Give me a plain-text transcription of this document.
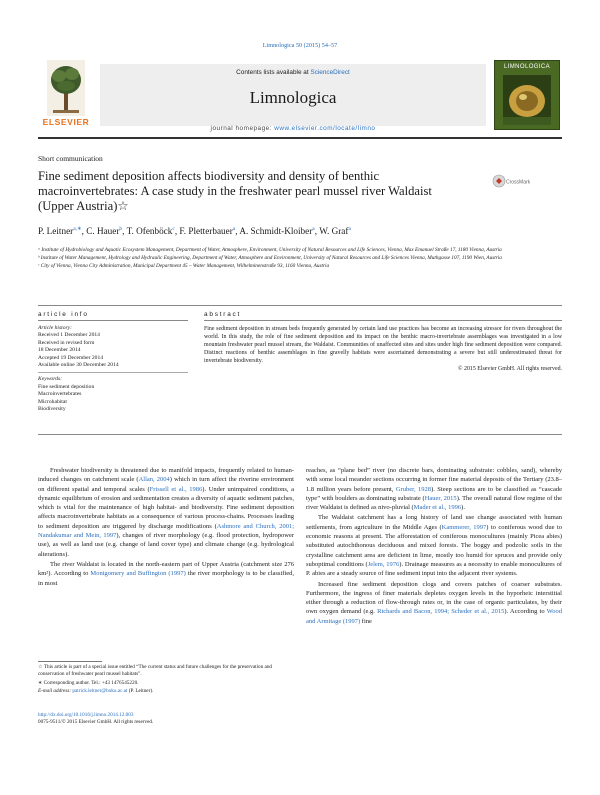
Limnologica 50 (2015) 54–57
ELSEVIER
Contents lists available at ScienceDirect
Limnologica
journal homepage: www.elsevier.com/locate/limno
LIMNOLOGICA
Short communication
Fine sediment deposition affects biodiversity and density of benthic macroinvertebrates: A case study in the freshwater pearl mussel river Waldaist (Upper Austria)☆
CrossMark
P. Leitner$^{a,∗}$, C. Hauer$^b$, T. Ofenböck$^c$, F. Pletterbauer$^a$, A. Schmidt-Kloiber$^a$, W. Graf$^a$
ᵃ Institute of Hydrobiology and Aquatic Ecosystem Management, Department of Water, Atmosphere, Environment, University of Natural Resources and Life Sciences, Vienna, Max Emanuel Straße 17, 1180 Vienna, Austria
ᵇ Institute of Water Management, Hydrology and Hydraulic Engineering, Department of Water, Atmosphere and Environment, University of Natural Resources and Life Sciences Vienna, Muthgasse 107, 1190 Wien, Austria
ᶜ City of Vienna, Vienna City Administration, Municipal Department 45 – Water Management, Wilhelminenstraße 93, 1160 Vienna, Austria
article info	abstract
Article history:
Received 1 December 2014
Received in revised form
18 December 2014
Accepted 19 December 2014
Available online 30 December 2014
Keywords:
Fine sediment deposition
Macroinvertebrates
Microhabitat
Biodiversity
Fine sediment deposition in stream beds frequently generated by certain land use practices has become an increasing stressor for rivers throughout the world. In this study, the role of fine sediment deposition and its impact on the benthic macro-invertebrate assemblages was investigated in a low mountain freshwater pearl mussel stream, the Waldaist. Communities of unaffected sites and sites under high fine sediment deposition were compared. Distinct reactions of benthic assemblages in fine gravelly habitats were ascertained demonstrating a severe but still underestimated threat for invertebrate biodiversity.
© 2015 Elsevier GmbH. All rights reserved.

Freshwater biodiversity is threatened due to manifold impacts, frequently related to human-induced changes on catchment scale (Allan, 2004) which in turn affect the riverine environment on different spatial and temporal scales (Frissell et al., 1986). Under unimpaired conditions, a dynamic equilibrium of erosion and sedimentation creates a diversity of aquatic sediment patches, which is vital for the maintenance of high habitat- and biodiversity. Fine sediment deposition affects macroinvertebrate habitats as a consequence of various process-chains. Processes leading to sediment deposition are triggered by discharge modifications (Ashmore and Church, 2001; Nandakumar and Mein, 1997), changes of river morphology (e.g. flood protection, hydropower use), as well as land use (e.g. change of land cover type) and climate change (e.g. hydrological alterations).

The river Waldaist is located in the north-eastern part of Upper Austria (catchment size 276 km²). According to Montgomery and Buffington (1997) the river morphology is to be classified, in most

☆ This article is part of a special issue entitled “The current status and future challenges for the preservation and conservation of freshwater pearl mussel habitats”.

∗ Corresponding author. Tel.: +43 1476545220.

E-mail address: patrick.leitner@boku.ac.at (P. Leitner).

http://dx.doi.org/10.1016/j.limno.2014.12.003
0075-9511/© 2015 Elsevier GmbH. All rights reserved.

reaches, as “plane bed” river (no discrete bars, dominating substrate: cobbles, sand), whereby with some local meander sections occurring in former fine material deposits of the Tertiary (23.8–1.8 million years before present, Gruber, 1928). Steep sections are to be classified as “cascade type” with boulders as dominating substrate (Hauer, 2015). The overall natural flow regime of the river Waldaist is defined as nivo-pluvial (Mader et al., 1996).

The Waldaist catchment has a long history of land use change associated with human settlements, from agriculture in the Middle Ages (Kammerer, 1997) to coniferous wood due to economic reasons at present. The afforestation of coniferous monocultures (mainly Picea abies) substituted autochthonous deciduous and mixed forests. The boggy and podzolic soils in the crystalline catchment area are deficient in lime, mostly too humid for spruces and provide only suboptimal conditions (Jelem, 1976). Drainage measures as a necessity to enable monocultures of P. abies are a steady source of fine sediment input into the adjacent river systems.

Increased fine sediment deposition clogs and covers patches of coarser substrates. Furthermore, the ingress of finer materials depletes oxygen levels in the hyporheic interstitial either through a reduction of flow-through rates or, in the case of organic particulates, by their own oxygen demand (e.g. Richards and Bacon, 1994; Scheder et al., 2015). According to Wood and Armitage (1997) fine
